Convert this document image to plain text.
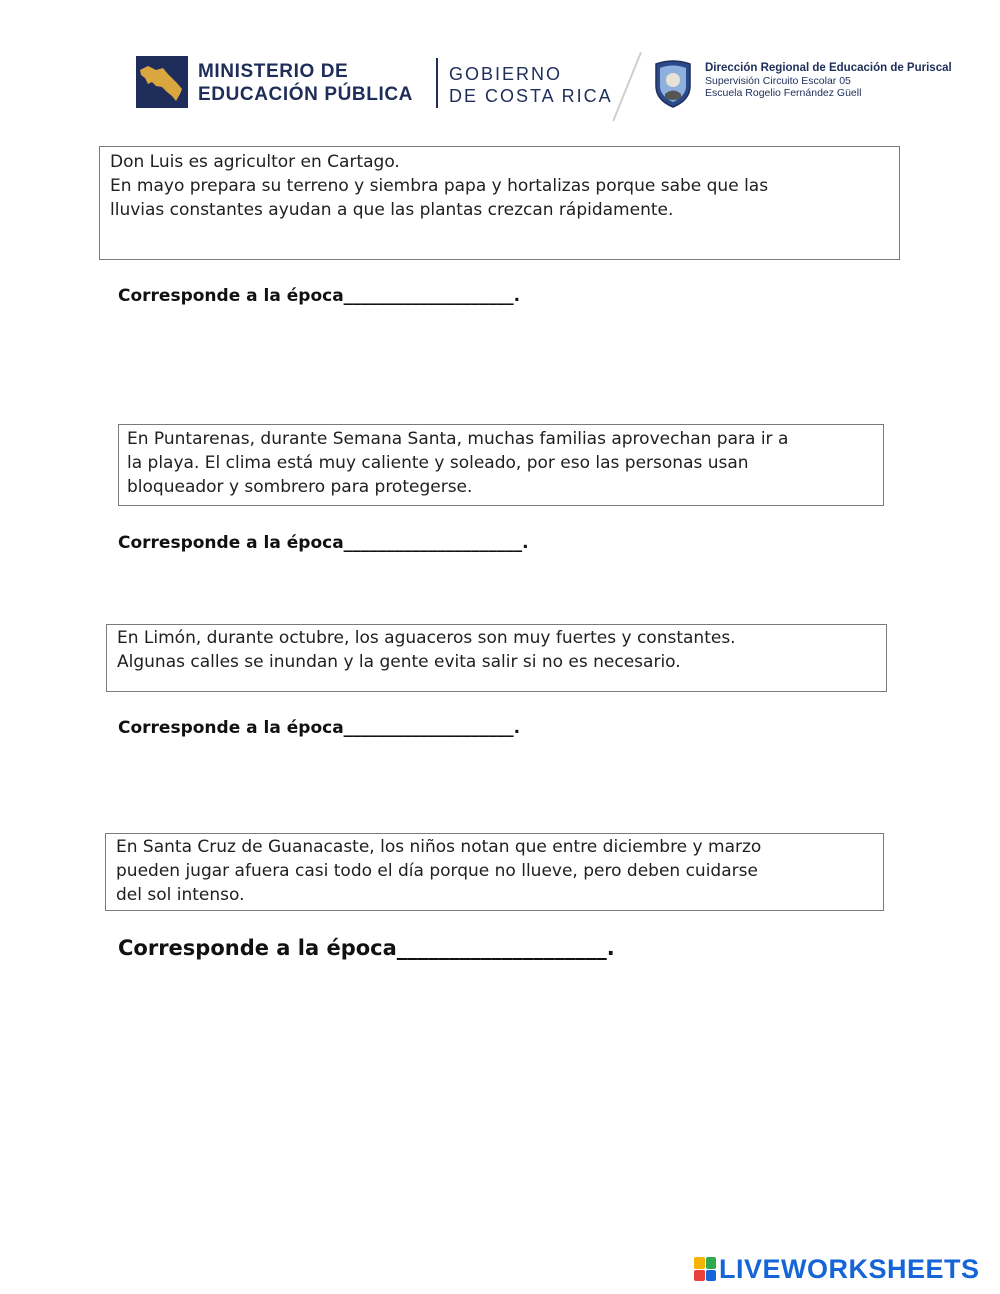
MINISTERIO DE
EDUCACIÓN PÚBLICA
GOBIERNO
DE COSTA RICA
Dirección Regional de Educación de Puriscal
Supervisión Circuito Escolar 05
Escuela Rogelio Fernández Güell

Don Luis es agricultor en Cartago.

En mayo prepara su terreno y siembra papa y hortalizas porque sabe que las

lluvias constantes ayudan a que las plantas crezcan rápidamente.

Corresponde a la época____________________.

En Puntarenas, durante Semana Santa, muchas familias aprovechan para ir a

la playa. El clima está muy caliente y soleado, por eso las personas usan

bloqueador y sombrero para protegerse.

Corresponde a la época_____________________.

En Limón, durante octubre, los aguaceros son muy fuertes y constantes.

Algunas calles se inundan y la gente evita salir si no es necesario.

Corresponde a la época____________________.

En Santa Cruz de Guanacaste, los niños notan que entre diciembre y marzo

pueden jugar afuera casi todo el día porque no llueve, pero deben cuidarse

del sol intenso.

Corresponde a la época____________________.
LIVEWORKSHEETS
